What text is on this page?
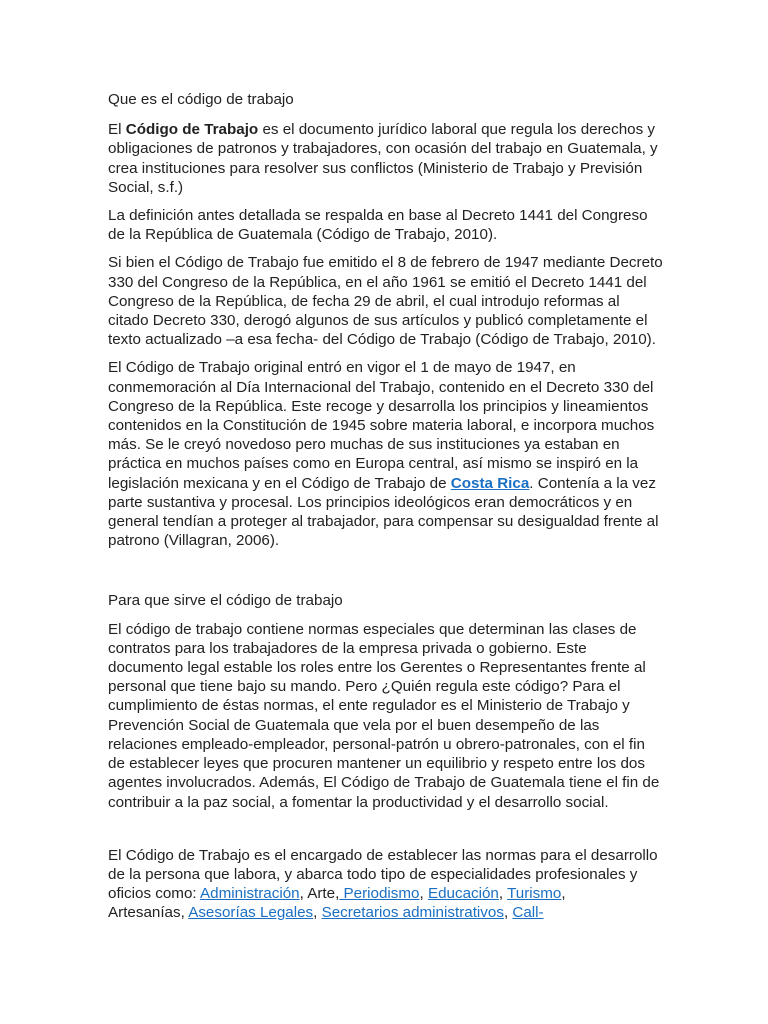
Que es el código de trabajo

El Código de Trabajo es el documento jurídico laboral que regula los derechos y obligaciones de patronos y trabajadores, con ocasión del trabajo en Guatemala, y crea instituciones para resolver sus conflictos (Ministerio de Trabajo y Previsión Social, s.f.)

La definición antes detallada se respalda en base al Decreto 1441 del Congreso de la República de Guatemala (Código de Trabajo, 2010).

Si bien el Código de Trabajo fue emitido el 8 de febrero de 1947 mediante Decreto 330 del Congreso de la República, en el año 1961 se emitió el Decreto 1441 del Congreso de la República, de fecha 29 de abril, el cual introdujo reformas al citado Decreto 330, derogó algunos de sus artículos y publicó completamente el texto actualizado –a esa fecha- del Código de Trabajo (Código de Trabajo, 2010).

El Código de Trabajo original entró en vigor el 1 de mayo de 1947, en conmemoración al Día Internacional del Trabajo, contenido en el Decreto 330 del Congreso de la República. Este recoge y desarrolla los principios y lineamientos contenidos en la Constitución de 1945 sobre materia laboral, e incorpora muchos más. Se le creyó novedoso pero muchas de sus instituciones ya estaban en práctica en muchos países como en Europa central, así mismo se inspiró en la legislación mexicana y en el Código de Trabajo de Costa Rica. Contenía a la vez parte sustantiva y procesal. Los principios ideológicos eran democráticos y en general tendían a proteger al trabajador, para compensar su desigualdad frente al patrono (Villagran, 2006).

Para que sirve el código de trabajo

El código de trabajo contiene normas especiales que determinan las clases de contratos para los trabajadores de la empresa privada o gobierno. Este documento legal estable los roles entre los Gerentes o Representantes frente al personal que tiene bajo su mando. Pero ¿Quién regula este código? Para el cumplimiento de éstas normas, el ente regulador es el Ministerio de Trabajo y Prevención Social de Guatemala que vela por el buen desempeño de las relaciones empleado-empleador, personal-patrón u obrero-patronales, con el fin de establecer leyes que procuren mantener un equilibrio y respeto entre los dos agentes involucrados. Además, El Código de Trabajo de Guatemala tiene el fin de contribuir a la paz social, a fomentar la productividad y el desarrollo social.

El Código de Trabajo es el encargado de establecer las normas para el desarrollo de la persona que labora, y abarca todo tipo de especialidades profesionales y oficios como: Administración, Arte, Periodismo, Educación, Turismo,
Artesanías, Asesorías Legales, Secretarios administrativos, Call-
